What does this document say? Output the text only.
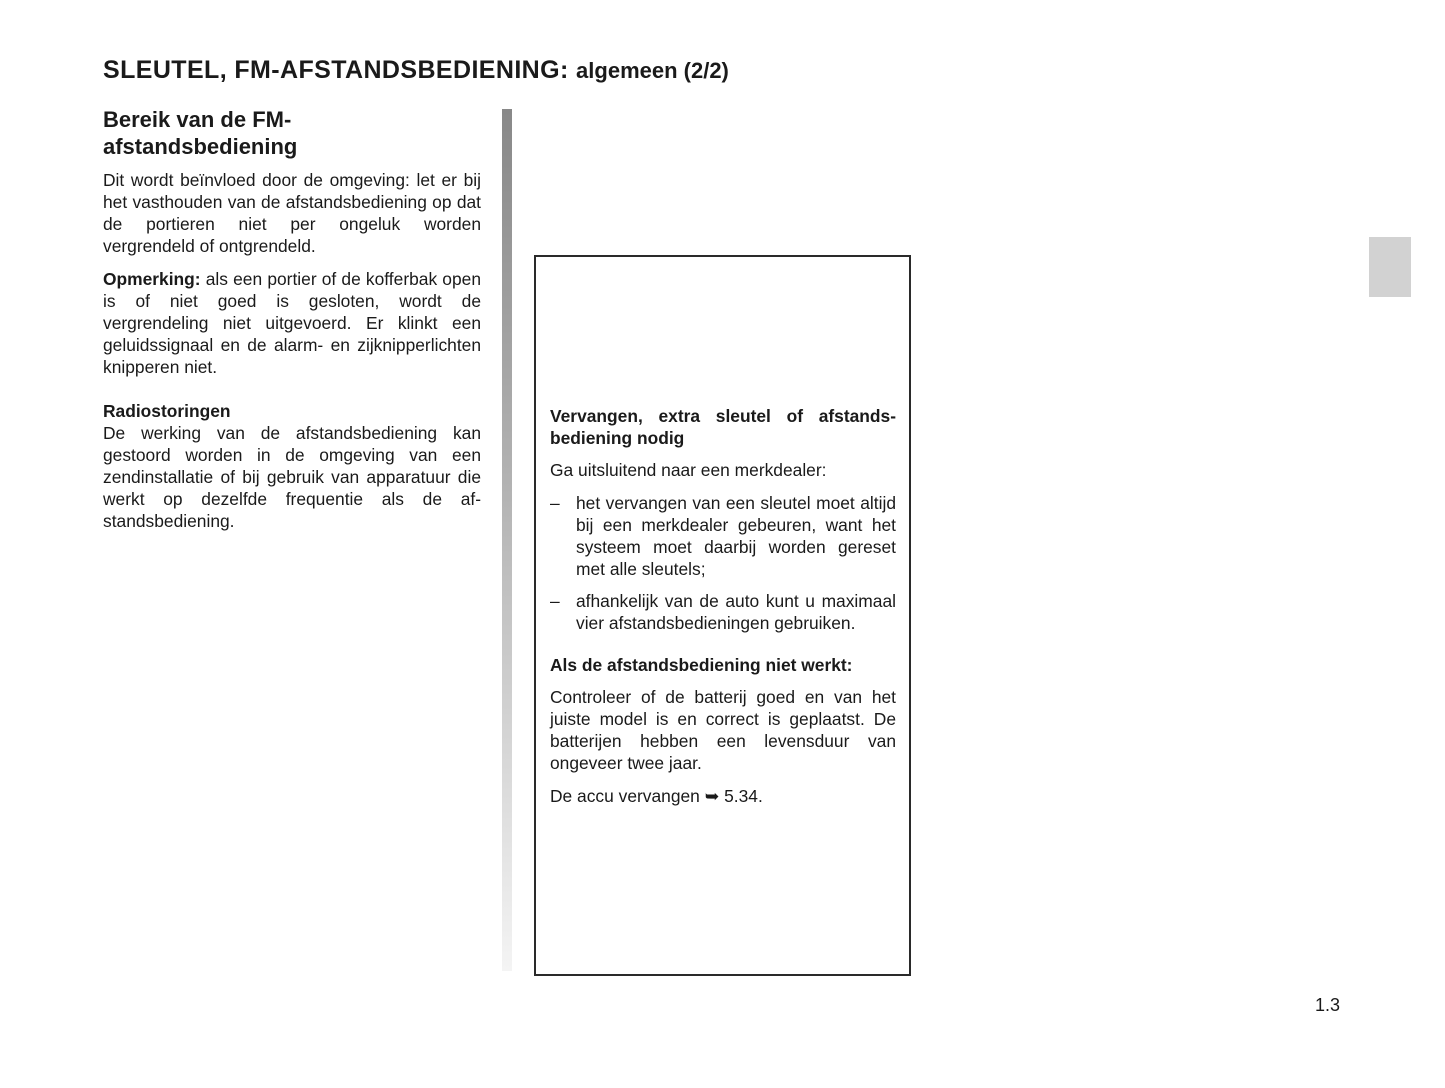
SLEUTEL, FM-AFSTANDSBEDIENING: algemeen (2/2)
Bereik van de FM-
afstandsbediening

Dit wordt beïnvloed door de omgeving: let er bij het vasthouden van de afstandsbediening op dat de portieren niet per ongeluk worden vergrendeld of ontgrendeld.

Opmerking: als een portier of de kofferbak open is of niet goed is gesloten, wordt de vergrendeling niet uitgevoerd. Er klinkt een geluidssignaal en de alarm- en zijknipperlichten knipperen niet.

Radiostoringen

De werking van de afstandsbediening kan gestoord worden in de omgeving van een zendinstallatie of bij gebruik van apparatuur die werkt op dezelfde frequentie als de afstandsbediening.

Vervangen, extra sleutel of afstandsbediening nodig

Ga uitsluitend naar een merkdealer:

– het vervangen van een sleutel moet altijd bij een merkdealer gebeuren, want het systeem moet daarbij worden gereset met alle sleutels;
– afhankelijk van de auto kunt u maximaal vier afstandsbedieningen gebruiken.
Als de afstandsbediening niet werkt:

Controleer of de batterij goed en van het juiste model is en correct is geplaatst. De batterijen hebben een levensduur van ongeveer twee jaar.

De accu vervangen ➥ 5.34.

1.3
